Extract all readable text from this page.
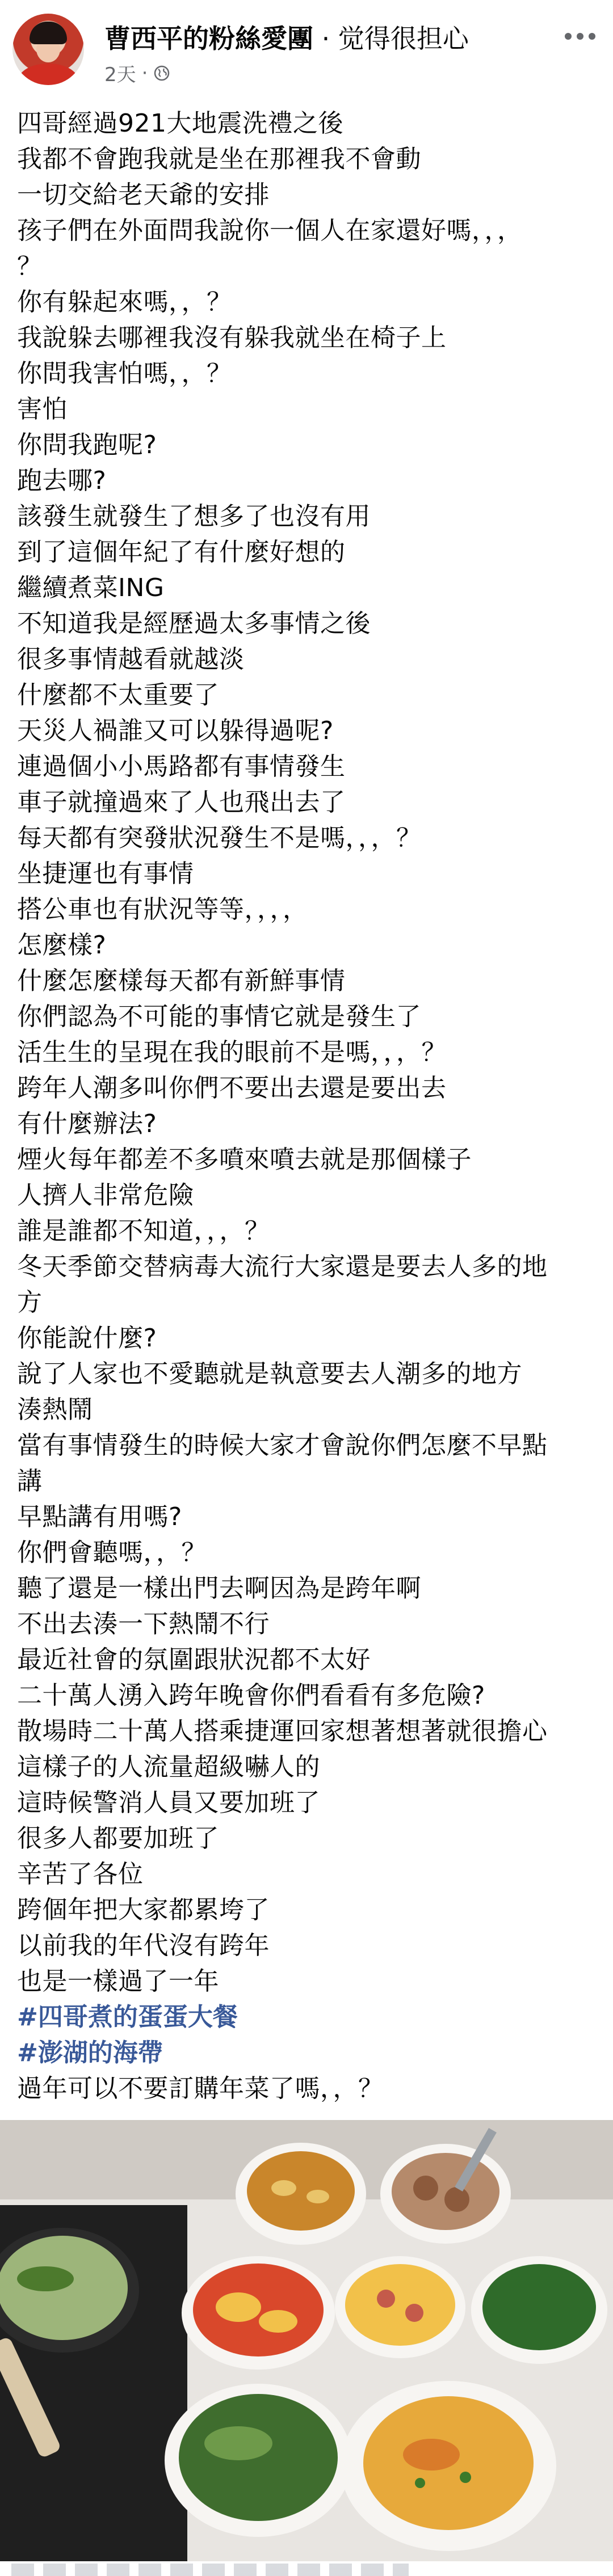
曹西平的粉絲愛團 · 觉得很担心
2天 ·
四哥經過921大地震洗禮之後
我都不會跑我就是坐在那裡我不會動
一切交給老天爺的安排
孩子們在外面問我說你一個人在家還好嗎，，，
？
你有躲起來嗎，，？
我說躲去哪裡我沒有躲我就坐在椅子上
你問我害怕嗎，，？
害怕
你問我跑呢?
跑去哪?
該發生就發生了想多了也沒有用
到了這個年紀了有什麼好想的
繼續煮菜ING
不知道我是經歷過太多事情之後
很多事情越看就越淡
什麼都不太重要了
天災人禍誰又可以躲得過呢?
連過個小小馬路都有事情發生
車子就撞過來了人也飛出去了
每天都有突發狀況發生不是嗎，，，？
坐捷運也有事情
搭公車也有狀況等等，，，，
怎麼樣?
什麼怎麼樣每天都有新鮮事情
你們認為不可能的事情它就是發生了
活生生的呈現在我的眼前不是嗎，，，？
跨年人潮多叫你們不要出去還是要出去
有什麼辦法?
煙火每年都差不多噴來噴去就是那個樣子
人擠人非常危險
誰是誰都不知道，，，？
冬天季節交替病毒大流行大家還是要去人多的地
方
你能說什麼?
說了人家也不愛聽就是執意要去人潮多的地方
湊熱鬧
當有事情發生的時候大家才會說你們怎麼不早點
講
早點講有用嗎?
你們會聽嗎，，？
聽了還是一樣出門去啊因為是跨年啊
不出去湊一下熱鬧不行
最近社會的氛圍跟狀況都不太好
二十萬人湧入跨年晚會你們看看有多危險?
散場時二十萬人搭乘捷運回家想著想著就很擔心
這樣子的人流量超級嚇人的
這時候警消人員又要加班了
很多人都要加班了
辛苦了各位
跨個年把大家都累垮了
以前我的年代沒有跨年
也是一樣過了一年
#四哥煮的蛋蛋大餐
#澎湖的海帶
過年可以不要訂購年菜了嗎，，？
